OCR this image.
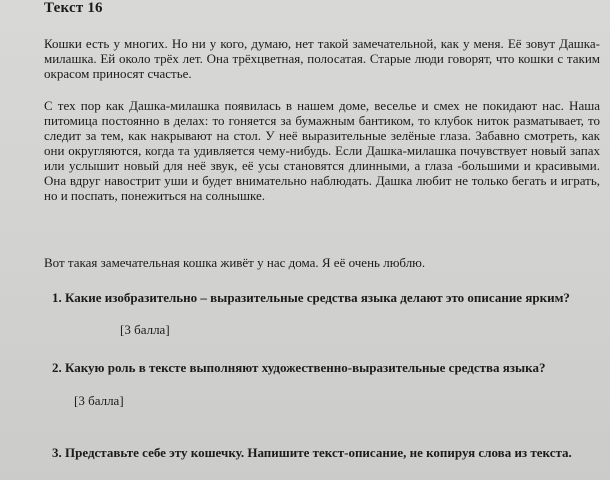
Текст 16

Кошки есть у многих. Но ни у кого, думаю, нет такой замечательной, как у меня. Её зовут Дашка-милашка. Ей около трёх лет. Она трёхцветная, полосатая. Старые люди говорят, что кошки с таким окрасом приносят счастье.

С тех пор как Дашка-милашка появилась в нашем доме, веселье и смех не покидают нас. Наша питомица постоянно в делах: то гоняется за бумажным бантиком, то клубок ниток разматывает, то следит за тем, как накрывают на стол. У неё выразительные зелёные глаза. Забавно смотреть, как они округляются, когда та удивляется чему-нибудь. Если Дашка-милашка почувствует новый запах или услышит новый для неё звук, её усы становятся длинными, а глаза -большими и красивыми. Она вдруг навострит уши и будет внимательно наблюдать. Дашка любит не только бегать и играть, но и поспать, понежиться на солнышке.

Вот такая замечательная кошка живёт у нас дома. Я её очень люблю.

1. Какие изобразительно – выразительные средства языка делают это описание ярким?

[3 балла]

2. Какую роль в тексте выполняют художественно-выразительные средства языка?

[3 балла]

3. Представьте себе эту кошечку. Напишите текст-описание, не копируя слова из текста.
